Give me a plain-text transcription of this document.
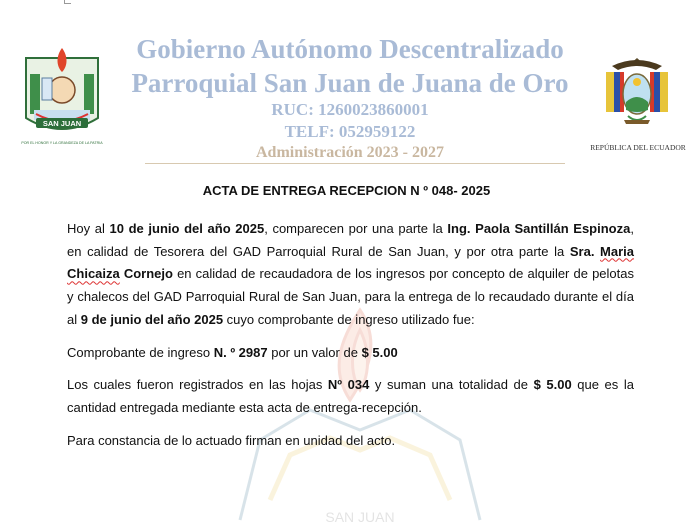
SAN JUAN
SAN JUAN
POR EL HONOR Y LA GRANDEZA DE LA PATRIA
Gobierno Autónomo Descentralizado
Parroquial San Juan de Juana de Oro
RUC: 1260023860001
TELF: 052959122
Administración 2023 - 2027	REPÚBLICA DEL ECUADOR
ACTA DE ENTREGA RECEPCION N º 048- 2025

Hoy al 10 de junio del año 2025, comparecen por una parte la Ing. Paola Santillán Espinoza, en calidad de Tesorera del GAD Parroquial Rural de San Juan, y por otra parte la Sra. Maria Chicaiza Cornejo en calidad de recaudadora de los ingresos por concepto de alquiler de pelotas y chalecos del GAD Parroquial Rural de San Juan, para la entrega de lo recaudado durante el día al 9 de junio del año 2025 cuyo comprobante de ingreso utilizado fue:

Comprobante de ingreso N. º 2987 por un valor de $ 5.00

Los cuales fueron registrados en las hojas Nº 034 y suman una totalidad de $ 5.00 que es la cantidad entregada mediante esta acta de entrega-recepción.

Para constancia de lo actuado firman en unidad del acto.
